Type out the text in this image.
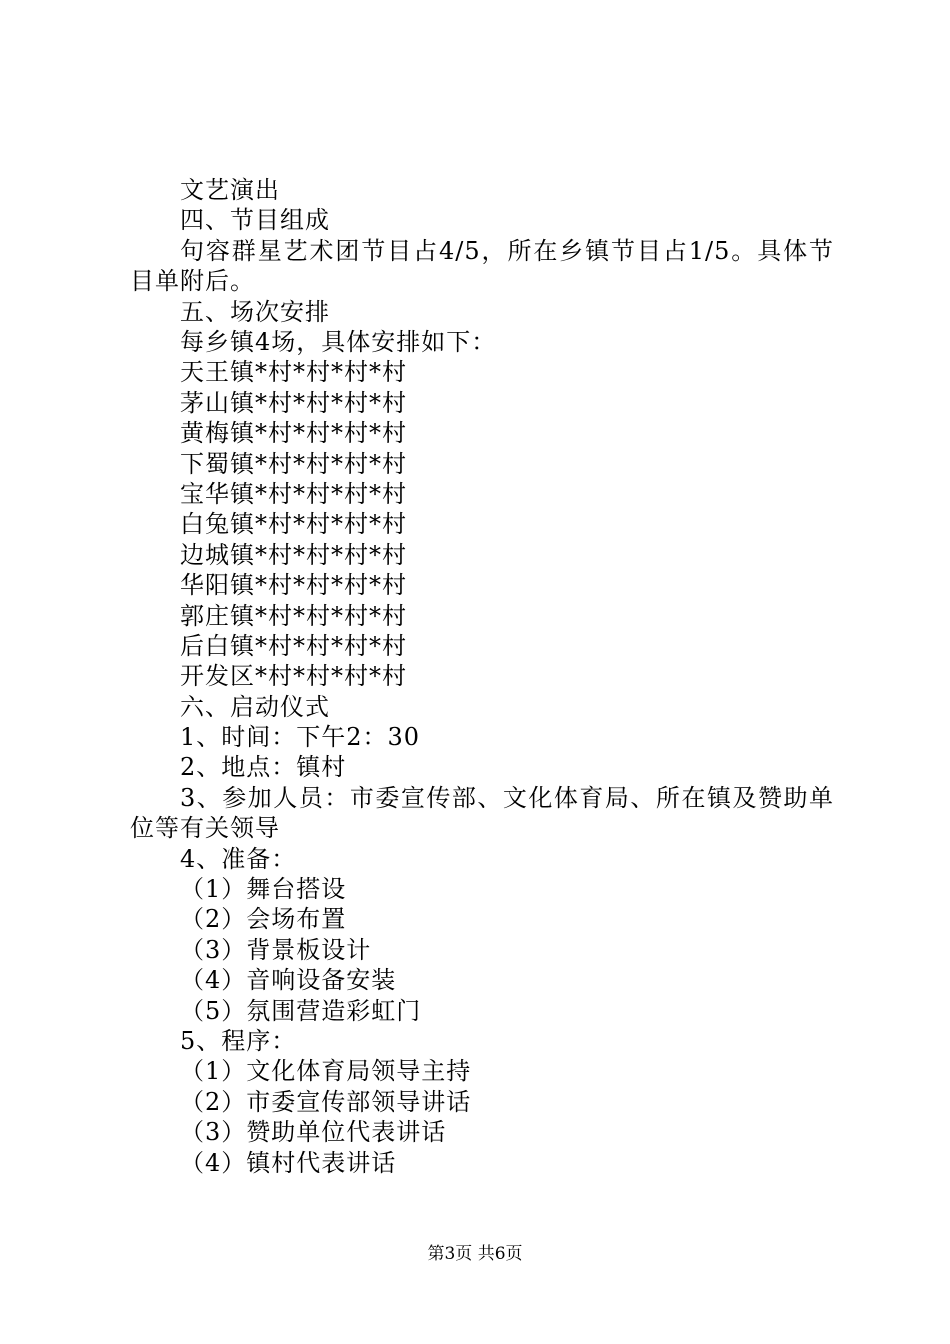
文艺演出
四、节目组成
句容群星艺术团节目占4/5，所在乡镇节目占1/5。具体节目单附后。
五、场次安排
每乡镇4场，具体安排如下：
天王镇*村*村*村*村
茅山镇*村*村*村*村
黄梅镇*村*村*村*村
下蜀镇*村*村*村*村
宝华镇*村*村*村*村
白兔镇*村*村*村*村
边城镇*村*村*村*村
华阳镇*村*村*村*村
郭庄镇*村*村*村*村
后白镇*村*村*村*村
开发区*村*村*村*村
六、启动仪式
1、时间：下午2：30
2、地点：镇村
3、参加人员：市委宣传部、文化体育局、所在镇及赞助单位等有关领导
4、准备：
（1）舞台搭设
（2）会场布置
（3）背景板设计
（4）音响设备安装
（5）氛围营造彩虹门
5、程序：
（1）文化体育局领导主持
（2）市委宣传部领导讲话
（3）赞助单位代表讲话
（4）镇村代表讲话
第3页 共6页
